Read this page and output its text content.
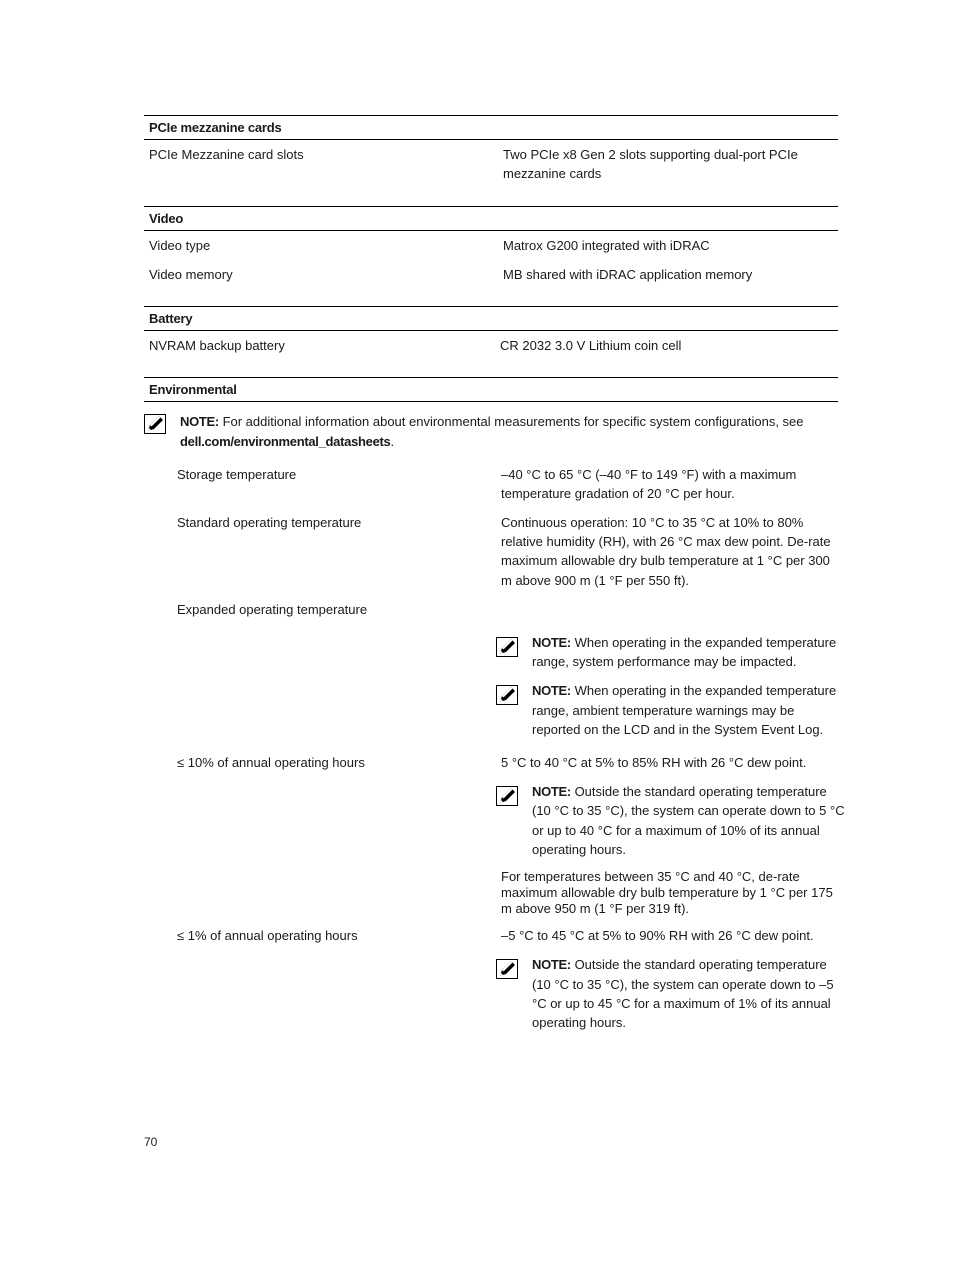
PCIe mezzanine cards
PCIe Mezzanine card slots	Two PCIe x8 Gen 2 slots supporting dual-port PCIe
mezzanine cards
Video
Video type	Matrox G200 integrated with iDRAC
Video memory	MB shared with iDRAC application memory
Battery
NVRAM backup battery	CR 2032 3.0 V Lithium coin cell
Environmental
NOTE: For additional information about environmental measurements for specific system configurations, see
dell.com/environmental_datasheets.
Storage temperature	–40 °C to 65 °C (–40 °F to 149 °F) with a maximum
temperature gradation of 20 °C per hour.
Standard operating temperature	Continuous operation: 10 °C to 35 °C at 10% to 80%
relative humidity (RH), with 26 °C max dew point. De-rate
maximum allowable dry bulb temperature at 1 °C per 300
m above 900 m (1 °F per 550 ft).
Expanded operating temperature
NOTE: When operating in the expanded temperature
range, system performance may be impacted.
NOTE: When operating in the expanded temperature
range, ambient temperature warnings may be
reported on the LCD and in the System Event Log.
≤ 10% of annual operating hours	5 °C to 40 °C at 5% to 85% RH with 26 °C dew point.
NOTE: Outside the standard operating temperature
(10 °C to 35 °C), the system can operate down to 5 °C
or up to 40 °C for a maximum of 10% of its annual
operating hours.
For temperatures between 35 °C and 40 °C, de-rate
maximum allowable dry bulb temperature by 1 °C per 175
m above 950 m (1 °F per 319 ft).
≤ 1% of annual operating hours	–5 °C to 45 °C at 5% to 90% RH with 26 °C dew point.
NOTE: Outside the standard operating temperature
(10 °C to 35 °C), the system can operate down to –5
°C or up to 45 °C for a maximum of 1% of its annual
operating hours.
70
